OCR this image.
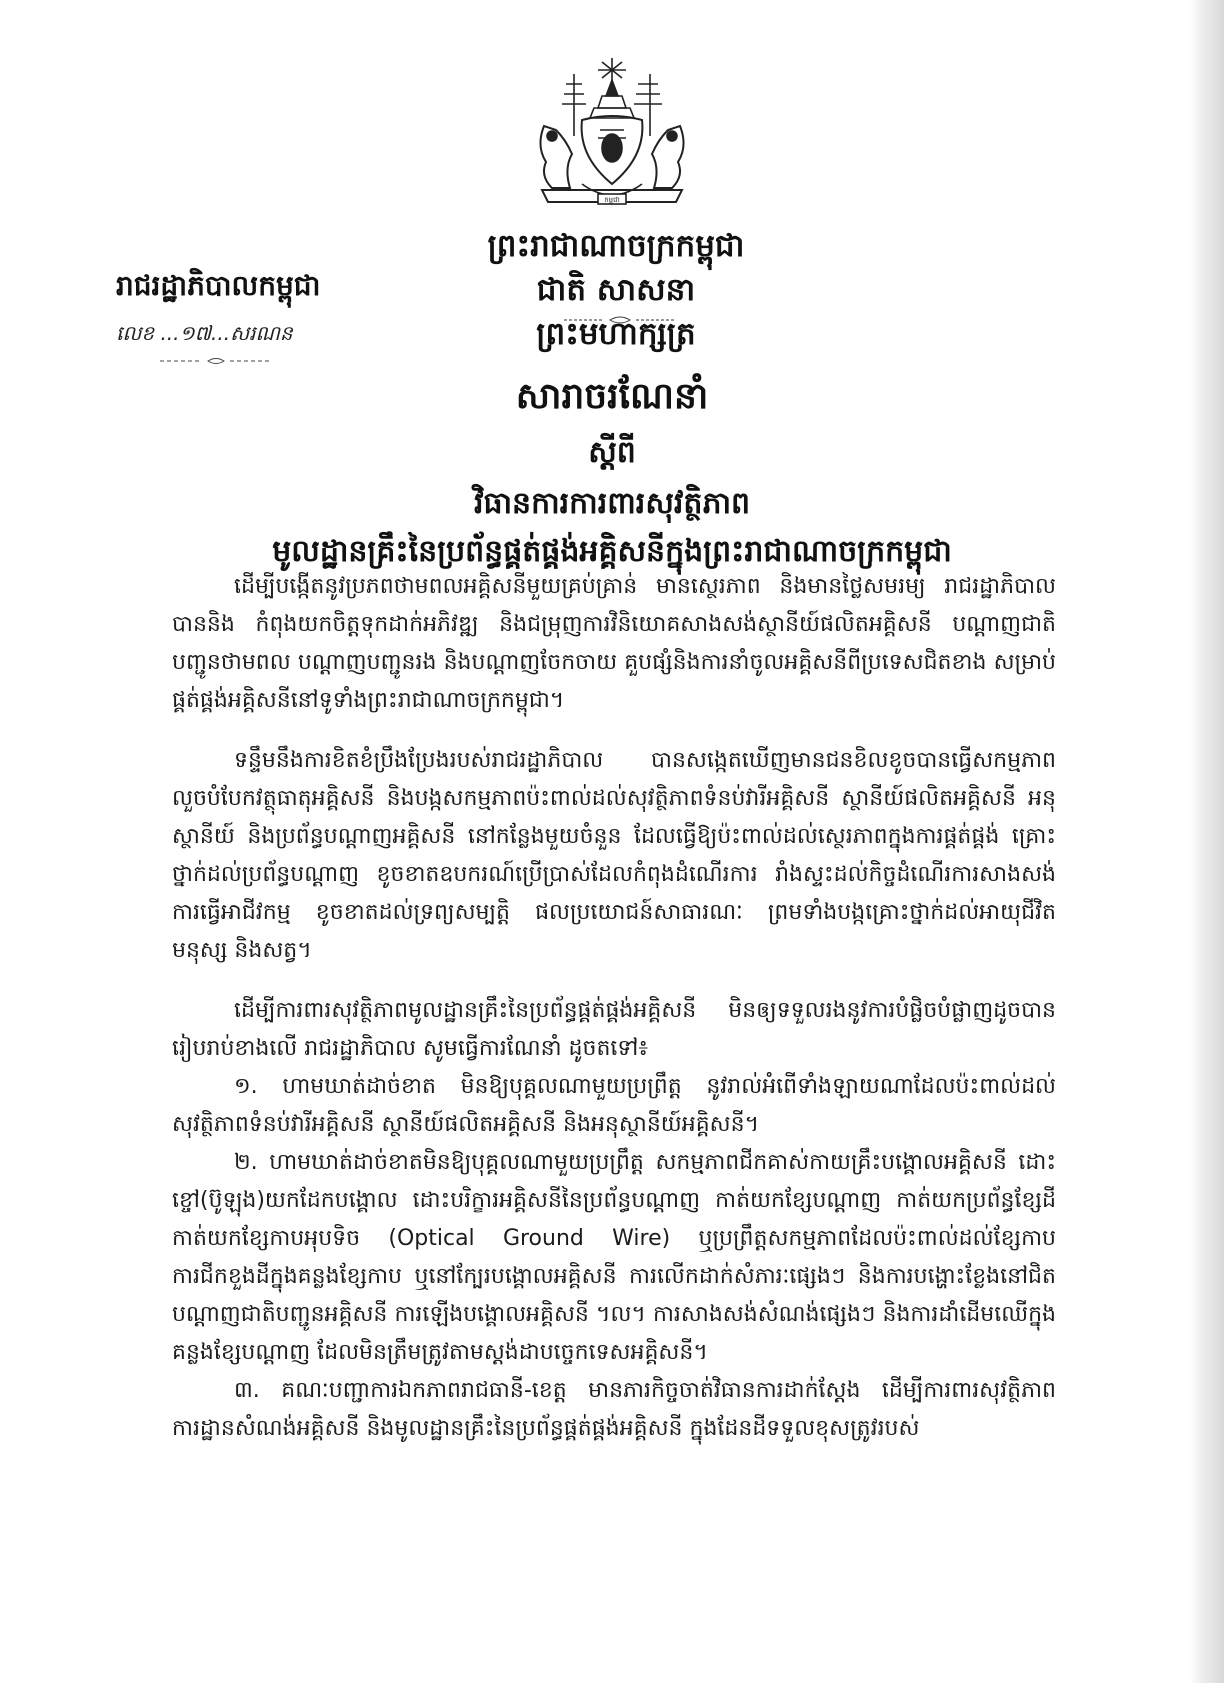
កម្ពុជា
ព្រះរាជាណាចក្រកម្ពុជា
ជាតិ សាសនា ព្រះមហាក្សត្រ
រាជរដ្ឋាភិបាលកម្ពុជា
លេខ ...១៧...សរណន

សារាចរណែនាំ

ស្តីពី

វិធានការការពារសុវត្ថិភាព

មូលដ្ឋានគ្រឹះនៃប្រព័ន្ធផ្គត់ផ្គង់អគ្គិសនីក្នុងព្រះរាជាណាចក្រកម្ពុជា

ដើម្បីបង្កើតនូវប្រភពថាមពលអគ្គិសនីមួយគ្រប់គ្រាន់ មានស្ថេរភាព និងមានថ្លៃសមរម្យ រាជរដ្ឋាភិបាល បាននិង កំពុងយកចិត្តទុកដាក់អភិវឌ្ឍ និងជម្រុញការវិនិយោគសាងសង់ស្ថានីយ៍ផលិតអគ្គិសនី បណ្តាញជាតិបញ្ជូនថាមពល បណ្តាញបញ្ជូនរង និងបណ្តាញចែកចាយ គួបផ្សំនិងការនាំចូលអគ្គិសនីពីប្រទេសជិតខាង សម្រាប់ផ្គត់ផ្គង់អគ្គិសនីនៅទូទាំងព្រះរាជាណាចក្រកម្ពុជា។

ទន្ទឹមនឹងការខិតខំប្រឹងប្រែងរបស់រាជរដ្ឋាភិបាល បានសង្កេតឃើញមានជនខិលខូចបានធ្វើសកម្មភាព លួចបំបែកវត្ថុធាតុអគ្គិសនី និងបង្កសកម្មភាពប៉ះពាល់ដល់សុវត្ថិភាពទំនប់វារីអគ្គិសនី ស្ថានីយ៍ផលិតអគ្គិសនី អនុស្ថានីយ៍ និងប្រព័ន្ធបណ្តាញអគ្គិសនី នៅកន្លែងមួយចំនួន ដែលធ្វើឱ្យប៉ះពាល់ដល់ស្ថេរភាពក្នុងការផ្គត់ផ្គង់ គ្រោះថ្នាក់ដល់ប្រព័ន្ធបណ្តាញ ខូចខាតឧបករណ៍ប្រើប្រាស់ដែលកំពុងដំណើរការ រាំងស្ទះដល់កិច្ចដំណើរការសាងសង់ ការធ្វើអាជីវកម្ម ខូចខាតដល់ទ្រព្យសម្បត្តិ ផលប្រយោជន៍សាធារណៈ ព្រមទាំងបង្កគ្រោះថ្នាក់ដល់អាយុជីវិតមនុស្ស និងសត្វ។

ដើម្បីការពារសុវត្ថិភាពមូលដ្ឋានគ្រឹះនៃប្រព័ន្ធផ្គត់ផ្គង់អគ្គិសនី មិនឲ្យទទួលរងនូវការបំផ្លិចបំផ្លាញដូចបានរៀបរាប់ខាងលើ រាជរដ្ឋាភិបាល សូមធ្វើការណែនាំ ដូចតទៅ៖

១. ហាមឃាត់ដាច់ខាត មិនឱ្យបុគ្គលណាមួយប្រព្រឹត្ត នូវរាល់អំពើទាំងឡាយណាដែលប៉ះពាល់ដល់សុវត្ថិភាពទំនប់វារីអគ្គិសនី ស្ថានីយ៍ផលិតអគ្គិសនី និងអនុស្ថានីយ៍អគ្គិសនី។

២. ហាមឃាត់ដាច់ខាតមិនឱ្យបុគ្គលណាមួយប្រព្រឹត្ត សកម្មភាពជីកគាស់កាយគ្រឹះបង្គោលអគ្គិសនី ដោះខ្ចៅ(ប៊ូឡុង)យកដែកបង្គោល ដោះបរិក្ខារអគ្គិសនីនៃប្រព័ន្ធបណ្តាញ កាត់យកខ្សែបណ្តាញ កាត់យកប្រព័ន្ធខ្សែដី កាត់យកខ្សែកាបអុបទិច (Optical Ground Wire) ឬប្រព្រឹត្តសកម្មភាពដែលប៉ះពាល់ដល់ខ្សែកាប ការជីកខួងដីក្នុងគន្លងខ្សែកាប ឬនៅក្បែរបង្គោលអគ្គិសនី ការលើកដាក់សំភារៈផ្សេងៗ និងការបង្ហោះខ្លែងនៅជិតបណ្តាញជាតិបញ្ជូនអគ្គិសនី ការឡើងបង្គោលអគ្គិសនី ។ល។ ការសាងសង់សំណង់ផ្សេងៗ និងការដាំដើមឈើក្នុងគន្លងខ្សែបណ្តាញ ដែលមិនត្រឹមត្រូវតាមស្តង់ដាបច្ចេកទេសអគ្គិសនី។

៣. គណៈបញ្ជាការឯកភាពរាជធានី-ខេត្ត មានភារកិច្ចចាត់វិធានការដាក់ស្តែង ដើម្បីការពារសុវត្ថិភាពការដ្ឋានសំណង់អគ្គិសនី និងមូលដ្ឋានគ្រឹះនៃប្រព័ន្ធផ្គត់ផ្គង់អគ្គិសនី ក្នុងដែនដីទទួលខុសត្រូវរបស់
